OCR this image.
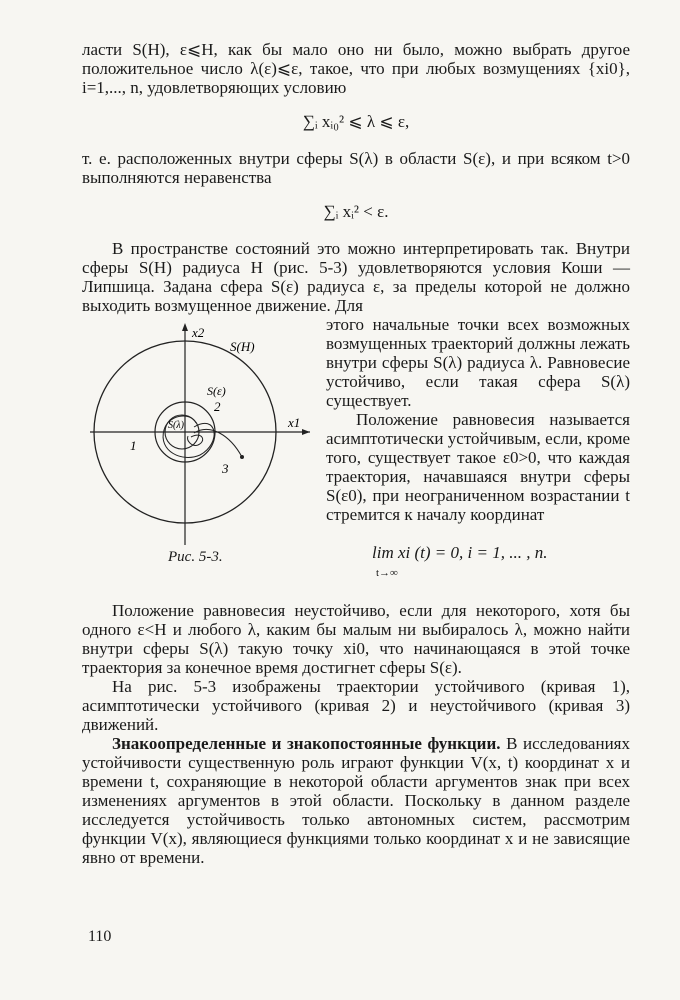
ласти S(H), ε⩽H, как бы мало оно ни было, можно выбрать другое положительное число λ(ε)⩽ε, такое, что при любых возмущениях {xi0}, i=1,..., n, удовлетворяющих условию

∑ᵢ xᵢ₀² ⩽ λ ⩽ ε,

т. е. расположенных внутри сферы S(λ) в области S(ε), и при всяком t>0 выполняются неравенства

∑ᵢ xᵢ² < ε.

В пространстве состояний это можно интерпретировать так. Внутри сферы S(H) радиуса H (рис. 5-3) удовлетворяются условия Коши — Липшица. Задана сфера S(ε) радиуса ε, за пределы которой не должно выходить возмущенное движение. Для

x2
x1
S(H)
S(ε)
S(λ)
1
2
3
Рис. 5-3.

этого начальные точки всех возможных возмущенных траекторий должны лежать внутри сферы S(λ) радиуса λ. Равновесие устойчиво, если такая сфера S(λ) существует.

Положение равновесия называется асимптотически устойчивым, если, кроме того, существует такое ε0>0, что каждая траектория, начавшаяся внутри сферы S(ε0), при неограниченном возрастании t стремится к началу координат

lim xi (t) = 0, i = 1, ... , n.
t→∞

Положение равновесия неустойчиво, если для некоторого, хотя бы одного ε<H и любого λ, каким бы малым ни выбиралось λ, можно найти внутри сферы S(λ) такую точку xi0, что начинающаяся в этой точке траектория за конечное время достигнет сферы S(ε).

На рис. 5-3 изображены траектории устойчивого (кривая 1), асимптотически устойчивого (кривая 2) и неустойчивого (кривая 3) движений.

Знакоопределенные и знакопостоянные функции. В исследованиях устойчивости существенную роль играют функции V(x, t) координат x и времени t, сохраняющие в некоторой области аргументов знак при всех изменениях аргументов в этой области. Поскольку в данном разделе исследуется устойчивость только автономных систем, рассмотрим функции V(x), являющиеся функциями только координат x и не зависящие явно от времени.

110
